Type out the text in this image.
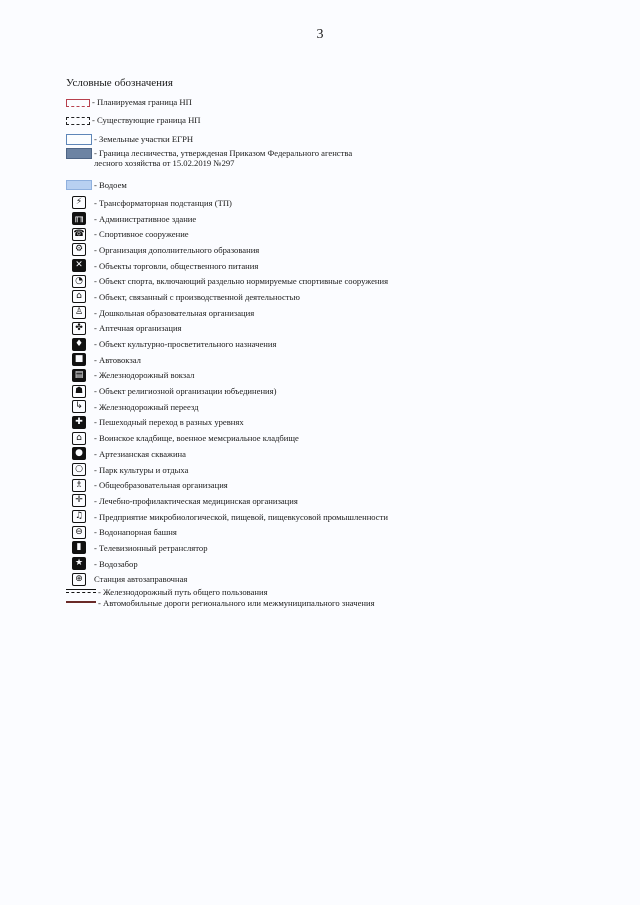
3
Условные обозначения
- Планируемая граница НП
- Существующие граница НП
- Земельные участки ЕГРН
- Граница лесничества, утвержденая Приказом Федерального агенства
лесного хозяйства от 15.02.2019 №297
- Водоем
⚡	- Трансформаторная подстанция (ТП)
╓╖ - Административное здание
☎ - Спортивное сооружение
⚙	- Организация дополнительного образования
✕	- Объекты торговли, общественного питания
◔	- Объект спорта, включающий раздельно нормируемые спортивные сооружения
⌂	- Объект, связанный с производственной деятельностью
♙	- Дошкольная образовательная организация
✤	- Аптечная организация
♦	- Объект культурно-просветительного назначения
■	- Автовокзал
▤	- Железнодорожный вокзал
☗	- Объект религиозной организации юбъединения)
↳	- Железнодорожный переезд
✚	- Пешеходный переход в разных уревнях
⌂	- Воинское кладбище, военное мемсриальное кладбище
●	- Артезианская скважина
○	- Парк культуры и отдыха
♗	- Общеобразовательная организация
✛	- Лечебно-профилактическая медицинская организация
♫	- Предприятие микробиологической, пищевой, пищевкусовой промышленности
⊖	- Водонапорная башня
▮	- Телевизионный ретранслятор
★	- Водозабор
⊕	Станция автозаправочная
- Железнодорожный путь общего пользования
- Автомобильные дороги регионального или межмуниципального значения
